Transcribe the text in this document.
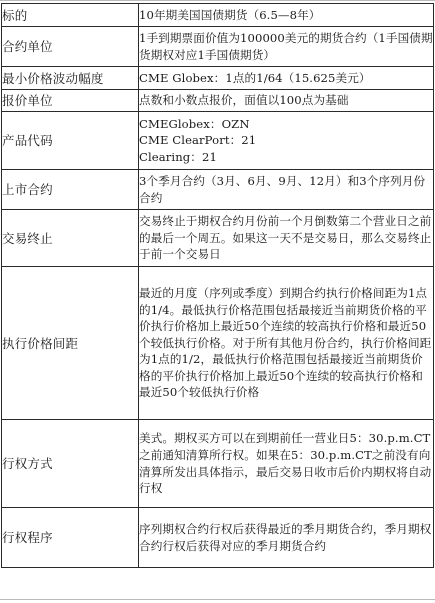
标的	10年期美国国债期货（6.5—8年）
合约单位	1手到期票面价值为100000美元的期货合约（1手国债期货期权对应1手国债期货）
最小价格波动幅度	CME Globex：1点的1/64（15.625美元）
报价单位	点数和小数点报价，面值以100点为基础
产品代码	CMEGlobex：OZN
CME ClearPort：21
Clearing：21

上市合约	3个季月合约（3月、6月、9月、12月）和3个序列月份合约
交易终止	交易终止于期权合约月份前一个月倒数第二个营业日之前的最后一个周五。如果这一天不是交易日，那么交易终止于前一个交易日
执行价格间距	最近的月度（序列或季度）到期合约执行价格间距为1点的1/4。最低执行价格范围包括最接近当前期货价格的平价执行价格加上最近50个连续的较高执行价格和最近50个较低执行价格。对于所有其他月份合约，执行价格间距为1点的1/2，最低执行价格范围包括最接近当前期货价格的平价执行价格加上最近50个连续的较高执行价格和最近50个较低执行价格
行权方式	美式。期权买方可以在到期前任一营业日5：30.p.m.CT之前通知清算所行权。如果在5：30.p.m.CT之前没有向清算所发出具体指示，最后交易日收市后价内期权将自动行权
行权程序	序列期权合约行权后获得最近的季月期货合约，季月期权合约行权后获得对应的季月期货合约
